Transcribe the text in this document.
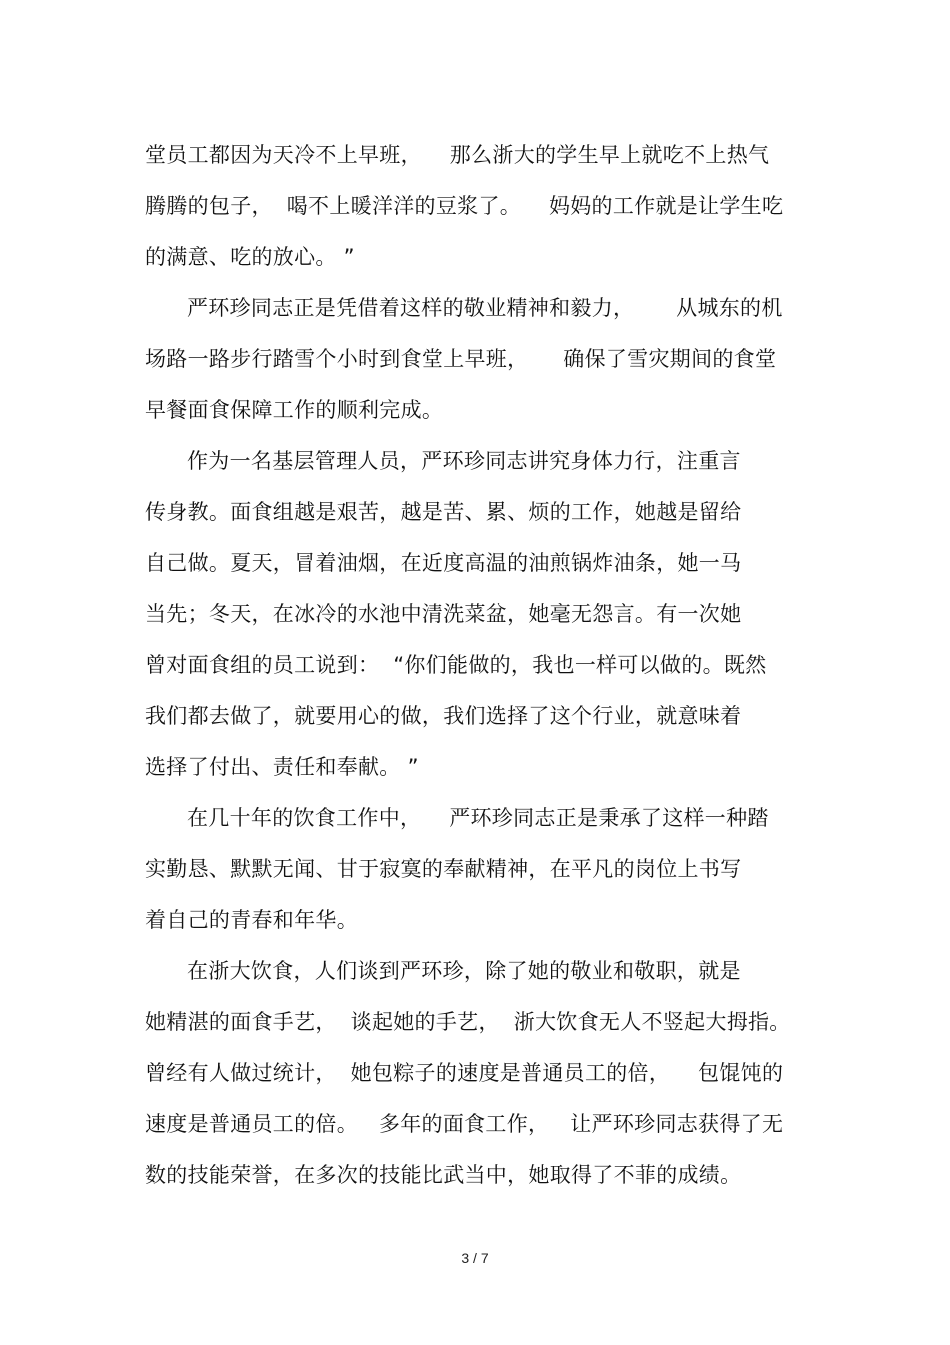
堂员工都因为天冷不上早班，    那么浙大的学生早上就吃不上热气
腾腾的包子，  喝不上暖洋洋的豆浆了。    妈妈的工作就是让学生吃
的满意、吃的放心。 ”
严环珍同志正是凭借着这样的敬业精神和毅力，      从城东的机
场路一路步行踏雪个小时到食堂上早班，     确保了雪灾期间的食堂
早餐面食保障工作的顺利完成。
作为一名基层管理人员，严环珍同志讲究身体力行，注重言
传身教。面食组越是艰苦，越是苦、累、烦的工作，她越是留给
自己做。夏天，冒着油烟，在近度高温的油煎锅炸油条，她一马
当先；冬天，在冰冷的水池中清洗菜盆，她毫无怨言。有一次她
曾对面食组的员工说到：  “你们能做的，我也一样可以做的。既然
我们都去做了，就要用心的做，我们选择了这个行业，就意味着
选择了付出、责任和奉献。 ”
在几十年的饮食工作中，    严环珍同志正是秉承了这样一种踏
实勤恳、默默无闻、甘于寂寞的奉献精神，在平凡的岗位上书写
着自己的青春和年华。
在浙大饮食，人们谈到严环珍，除了她的敬业和敬职，就是
她精湛的面食手艺，  谈起她的手艺，  浙大饮食无人不竖起大拇指。
曾经有人做过统计，  她包粽子的速度是普通员工的倍，    包馄饨的
速度是普通员工的倍。   多年的面食工作，   让严环珍同志获得了无
数的技能荣誉，在多次的技能比武当中，她取得了不菲的成绩。
3 / 7
